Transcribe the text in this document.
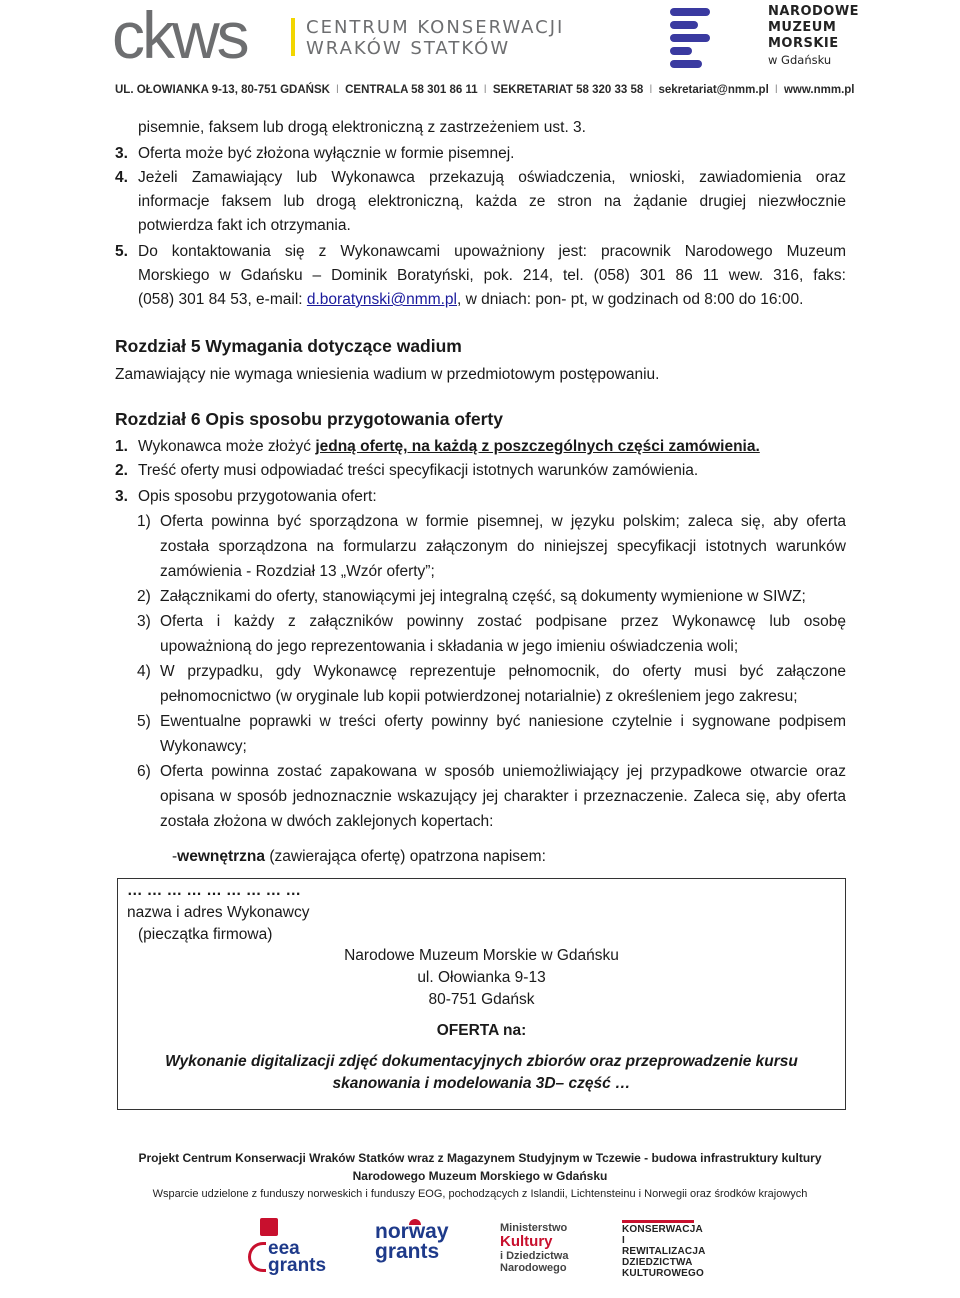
ckws	CENTRUM KONSERWACJI
WRAKÓW STATKÓW
NARODOWE
MUZEUM
MORSKIE
w Gdańsku
UL. OŁOWIANKA 9-13, 80-751 GDAŃSK I CENTRALA 58 301 86 11 I SEKRETARIAT 58 320 33 58 I sekretariat@nmm.pl I www.nmm.pl
pisemnie, faksem lub drogą elektroniczną z zastrzeżeniem ust. 3.
3. Oferta może być złożona wyłącznie w formie pisemnej.
4. Jeżeli Zamawiający lub Wykonawca przekazują oświadczenia, wnioski, zawiadomienia oraz
informacje faksem lub drogą elektroniczną, każda ze stron na żądanie drugiej niezwłocznie
potwierdza fakt ich otrzymania.
5. Do kontaktowania się z Wykonawcami upoważniony jest: pracownik Narodowego Muzeum
Morskiego w Gdańsku – Dominik Boratyński, pok. 214, tel. (058) 301 86 11 wew. 316, faks:
(058) 301 84 53, e-mail: d.boratynski@nmm.pl, w dniach: pon- pt, w godzinach od 8:00 do 16:00.
Rozdział 5 Wymagania dotyczące wadium
Zamawiający nie wymaga wniesienia wadium w przedmiotowym postępowaniu.
Rozdział 6 Opis sposobu przygotowania oferty
1. Wykonawca może złożyć jedną ofertę, na każdą z poszczególnych części zamówienia.
2. Treść oferty musi odpowiadać treści specyfikacji istotnych warunków zamówienia.
3. Opis sposobu przygotowania ofert:
1) Oferta powinna być sporządzona w formie pisemnej, w języku polskim; zaleca się, aby oferta
została sporządzona na formularzu załączonym do niniejszej specyfikacji istotnych warunków
zamówienia - Rozdział 13 „Wzór oferty”;
2) Załącznikami do oferty, stanowiącymi jej integralną część, są dokumenty wymienione w SIWZ;
3) Oferta i każdy z załączników powinny zostać podpisane przez Wykonawcę lub osobę
upoważnioną do jego reprezentowania i składania w jego imieniu oświadczenia woli;
4) W przypadku, gdy Wykonawcę reprezentuje pełnomocnik, do oferty musi być załączone
pełnomocnictwo (w oryginale lub kopii potwierdzonej notarialnie) z określeniem jego zakresu;
5) Ewentualne poprawki w treści oferty powinny być naniesione czytelnie i sygnowane podpisem
Wykonawcy;
6) Oferta powinna zostać zapakowana w sposób uniemożliwiający jej przypadkowe otwarcie oraz
opisana w sposób jednoznacznie wskazujący jej charakter i przeznaczenie. Zaleca się, aby oferta
została złożona w dwóch zaklejonych kopertach:
-wewnętrzna (zawierająca ofertę) opatrzona napisem:
… … … … … … … … …
nazwa i adres Wykonawcy
(pieczątka firmowa)
Narodowe Muzeum Morskie w Gdańsku
ul. Ołowianka 9-13
80-751 Gdańsk
OFERTA na:
Wykonanie digitalizacji zdjęć dokumentacyjnych zbiorów oraz przeprowadzenie kursu
skanowania i modelowania 3D– część …
Projekt Centrum Konserwacji Wraków Statków wraz z Magazynem Studyjnym w Tczewie - budowa infrastruktury kultury
Narodowego Muzeum Morskiego w Gdańsku
Wsparcie udzielone z funduszy norweskich i funduszy EOG, pochodzących z Islandii, Lichtensteinu i Norwegii oraz środków krajowych
eea grants
norway grants
Ministerstwo
Kultury
i Dziedzictwa
Narodowego
KONSERWACJA
I REWITALIZACJA
DZIEDZICTWA
KULTUROWEGO
